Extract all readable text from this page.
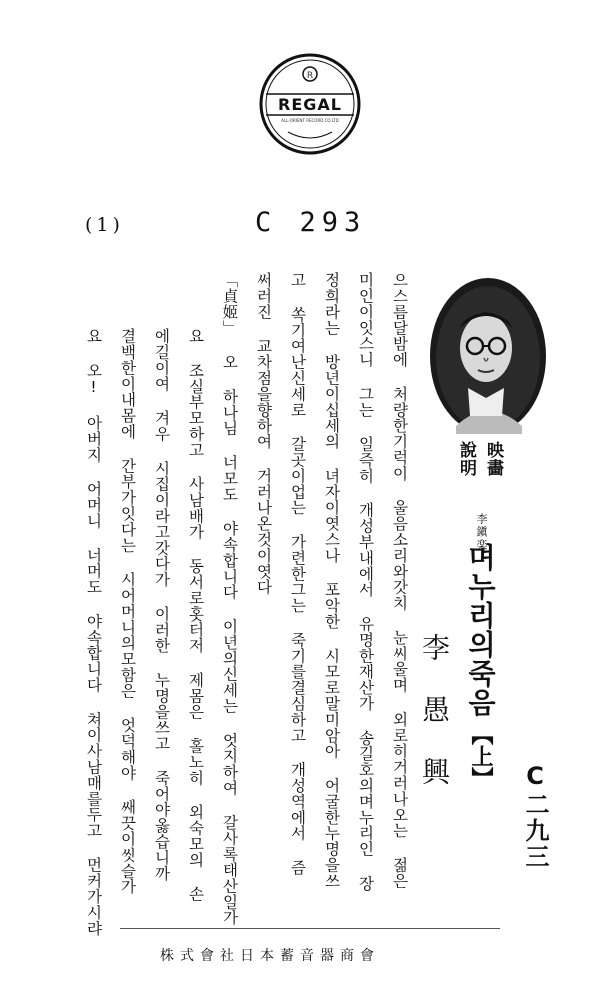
R
REGAL
ALL-ORIENT RECORD CO.LTD
C 293
(1)
映畵
說明
李鎭楽
며누리의죽음
【上】
李愚興	C二九三
으스름달밤에 처량한기럭이 울음소리와갓치 눈씨울며 외로히거러나오는 젊은
미인이잇스니 그는 일즉히 개성부내에서 유명한재산가 송길호의며누리인 장
정희라는 방년이십세의 녀자이엿스나 포악한 시모로말미암아 어굴한누명을쓰
고 쏙기여난신세로 갈곳이업는 가련한그는 죽기를결심하고 개성역에서 즘
써러진 교차점을향하여 거러나온것이엿다
「貞姬」 오 하나님 너모도 야속합니다 이년의신세는 엇지하여 갈사록태산일가
요 조실부모하고 사남배가 동서로홋터저 제몸은 홀노히 외숙모의 손
에길이여 겨우 시집이라고갓다가 이러한 누명을쓰고 죽어야옳습니까
결백한이내몸에 간부가잇다는 시어머니의모함은 엇덕해야 쌔끗이씻슬가
요 오! 아버지 어머니 너머도 야속합니다 쳐이사남매를두고 먼커가시랴
株式會社日本蓄音器商會
